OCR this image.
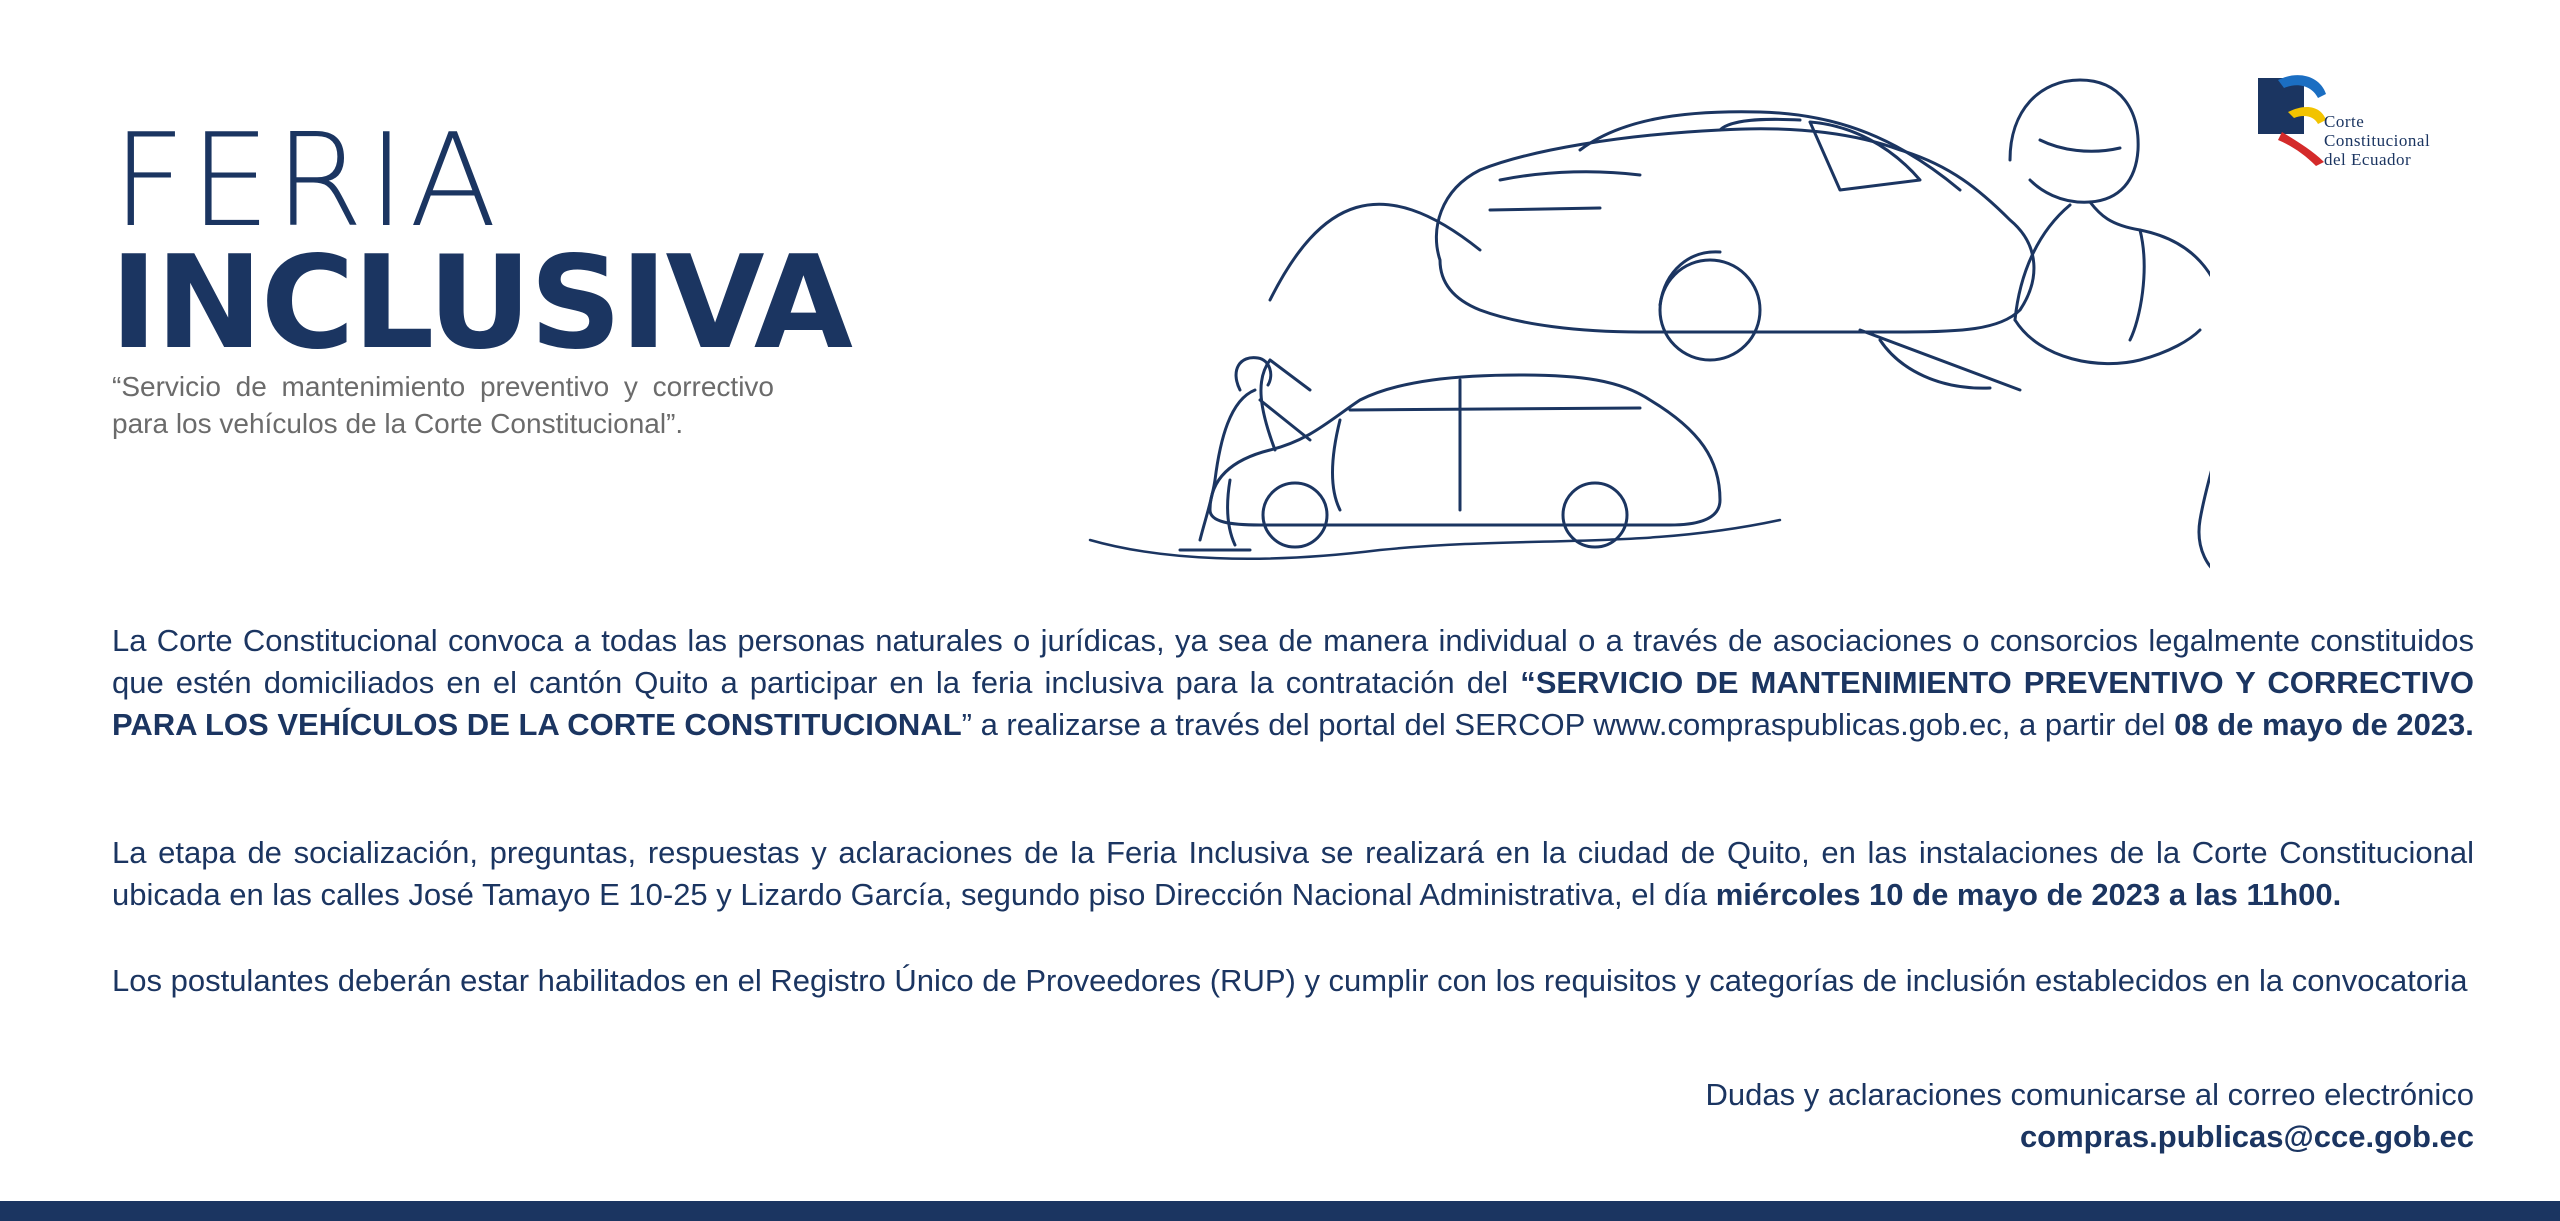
FERIA
INCLUSIVA
“Servicio de mantenimiento preventivo y correctivo para los vehículos de la Corte Constitucional”.
Corte
Constitucional
del Ecuador
La Corte Constitucional convoca a todas las personas naturales o jurídicas, ya sea de manera individual o a través de asociaciones o consorcios legalmente constituidos que estén domiciliados en el cantón Quito a participar en la feria inclusiva para la contratación del “SERVICIO DE MANTENIMIENTO PREVENTIVO Y CORRECTIVO PARA LOS VEHÍCULOS DE LA CORTE CONSTITUCIONAL” a realizarse a través del portal del SERCOP www.compraspublicas.gob.ec, a partir del 08 de mayo de 2023.
La etapa de socialización, preguntas, respuestas y aclaraciones de la Feria Inclusiva se realizará en la ciudad de Quito, en las instalaciones de la Corte Constitucional ubicada en las calles José Tamayo E 10-25 y Lizardo García, segundo piso Dirección Nacional Administrativa, el día miércoles 10 de mayo de 2023 a las 11h00.
Los postulantes deberán estar habilitados en el Registro Único de Proveedores (RUP) y cumplir con los requisitos y categorías de inclusión establecidos en la convocatoria
Dudas y aclaraciones comunicarse al correo electrónico
compras.publicas@cce.gob.ec
